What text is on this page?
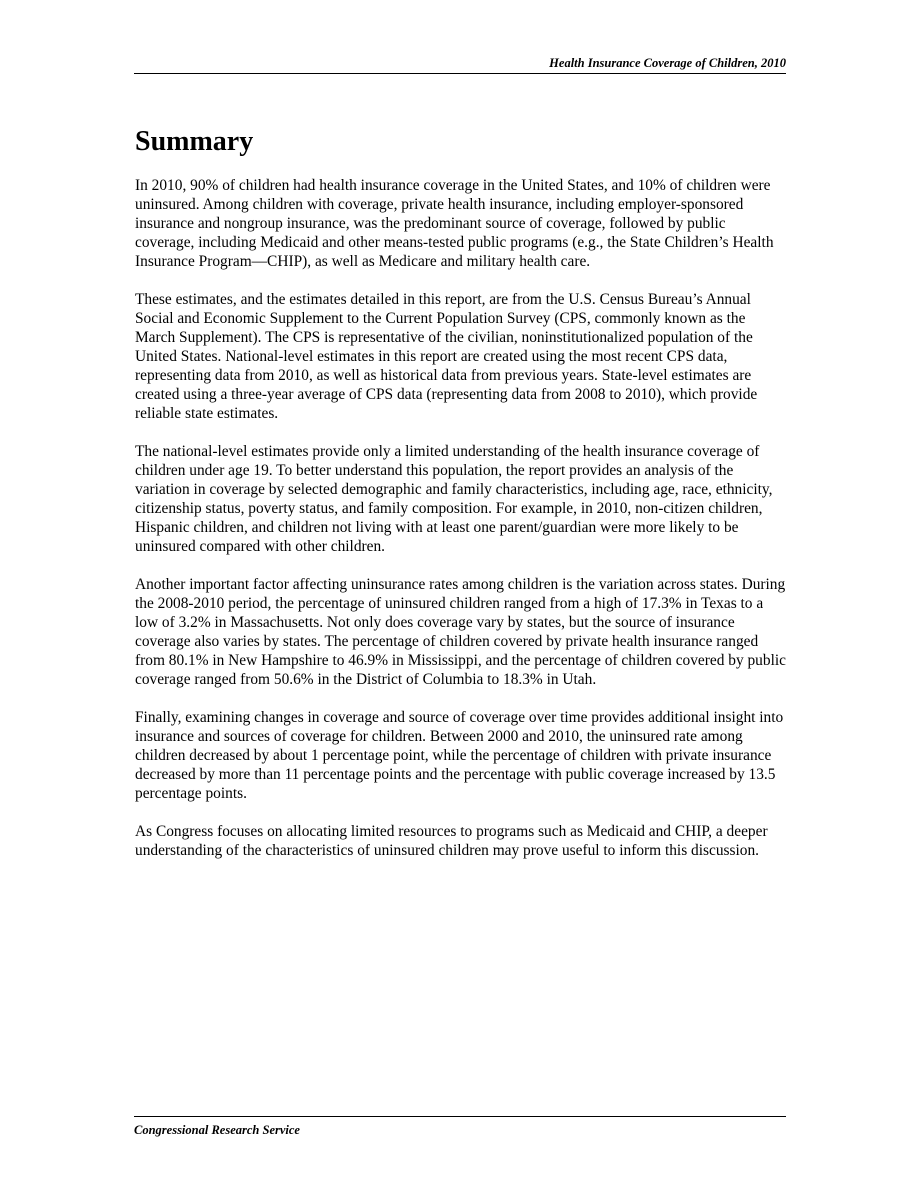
Health Insurance Coverage of Children, 2010
Summary

In 2010, 90% of children had health insurance coverage in the United States, and 10% of children were uninsured. Among children with coverage, private health insurance, including employer-sponsored insurance and nongroup insurance, was the predominant source of coverage, followed by public coverage, including Medicaid and other means-tested public programs (e.g., the State Children’s Health Insurance Program—CHIP), as well as Medicare and military health care.

These estimates, and the estimates detailed in this report, are from the U.S. Census Bureau’s Annual Social and Economic Supplement to the Current Population Survey (CPS, commonly known as the March Supplement). The CPS is representative of the civilian, noninstitutionalized population of the United States. National-level estimates in this report are created using the most recent CPS data, representing data from 2010, as well as historical data from previous years. State-level estimates are created using a three-year average of CPS data (representing data from 2008 to 2010), which provide reliable state estimates.

The national-level estimates provide only a limited understanding of the health insurance coverage of children under age 19. To better understand this population, the report provides an analysis of the variation in coverage by selected demographic and family characteristics, including age, race, ethnicity, citizenship status, poverty status, and family composition. For example, in 2010, non-citizen children, Hispanic children, and children not living with at least one parent/guardian were more likely to be uninsured compared with other children.

Another important factor affecting uninsurance rates among children is the variation across states. During the 2008-2010 period, the percentage of uninsured children ranged from a high of 17.3% in Texas to a low of 3.2% in Massachusetts. Not only does coverage vary by states, but the source of insurance coverage also varies by states. The percentage of children covered by private health insurance ranged from 80.1% in New Hampshire to 46.9% in Mississippi, and the percentage of children covered by public coverage ranged from 50.6% in the District of Columbia to 18.3% in Utah.

Finally, examining changes in coverage and source of coverage over time provides additional insight into insurance and sources of coverage for children. Between 2000 and 2010, the uninsured rate among children decreased by about 1 percentage point, while the percentage of children with private insurance decreased by more than 11 percentage points and the percentage with public coverage increased by 13.5 percentage points.

As Congress focuses on allocating limited resources to programs such as Medicaid and CHIP, a deeper understanding of the characteristics of uninsured children may prove useful to inform this discussion.

Congressional Research Service
